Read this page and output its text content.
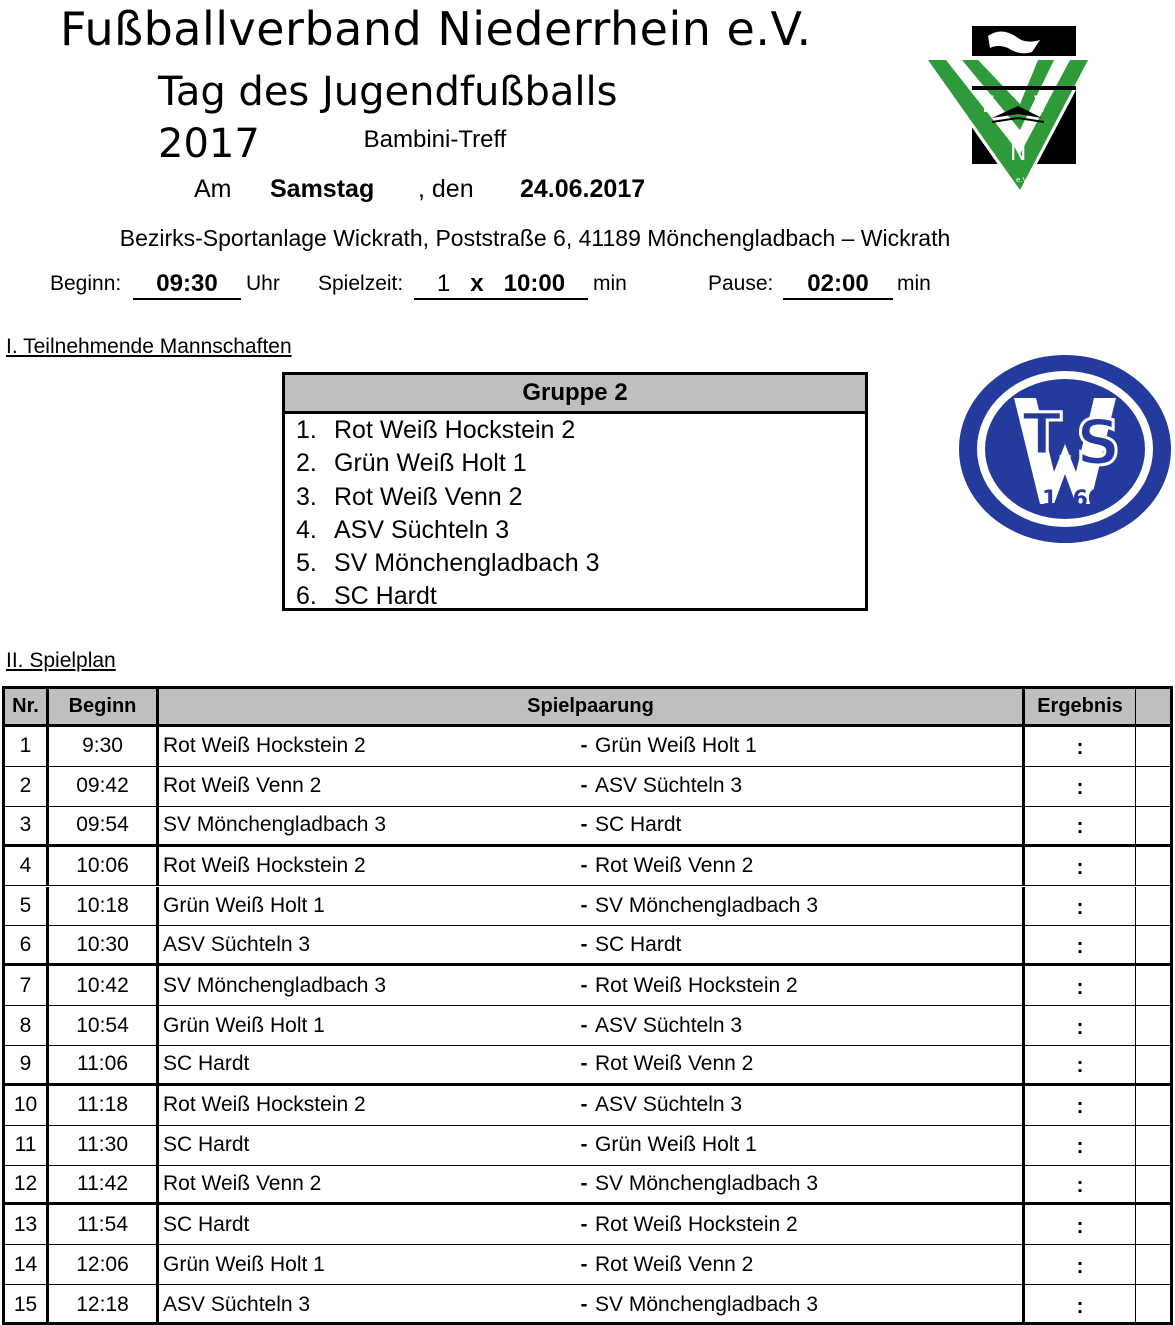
Fußballverband Niederrhein e.V.
Tag des Jugendfußballs 2017	Bambini-Treff
Am	Samstag	, den	24.06.2017
Bezirks-Sportanlage Wickrath, Poststraße 6, 41189 Mönchengladbach – Wickrath
Beginn:	09:30	Uhr Spielzeit:	1 x 10:00	min	Pause:	02:00	min
F V
N
e.V.
I. Teilnehmende Mannschaften
Gruppe 2
1. Rot Weiß Hockstein 2
2. Grün Weiß Holt 1
3. Rot Weiß Venn 2
4. ASV Süchteln 3
5. SV Mönchengladbach 3
6. SC Hardt
T
u S
1860
II. Spielplan
Nr.	Beginn	Spielpaarung	Ergebnis
1	9:30	Rot Weiß Hockstein 2	- Grün Weiß Holt 1	:
2	09:42	Rot Weiß Venn 2	- ASV Süchteln 3	:
3	09:54	SV Mönchengladbach 3	- SC Hardt	:
4	10:06	Rot Weiß Hockstein 2	- Rot Weiß Venn 2	:
5	10:18	Grün Weiß Holt 1	- SV Mönchengladbach 3	:
6	10:30	ASV Süchteln 3	- SC Hardt	:
7	10:42	SV Mönchengladbach 3	- Rot Weiß Hockstein 2	:
8	10:54	Grün Weiß Holt 1	- ASV Süchteln 3	:
9	11:06	SC Hardt	- Rot Weiß Venn 2	:
10	11:18	Rot Weiß Hockstein 2	- ASV Süchteln 3	:
11	11:30	SC Hardt	- Grün Weiß Holt 1	:
12	11:42	Rot Weiß Venn 2	- SV Mönchengladbach 3	:
13	11:54	SC Hardt	- Rot Weiß Hockstein 2	:
14	12:06	Grün Weiß Holt 1	- Rot Weiß Venn 2	:
15	12:18	ASV Süchteln 3	- SV Mönchengladbach 3	:
